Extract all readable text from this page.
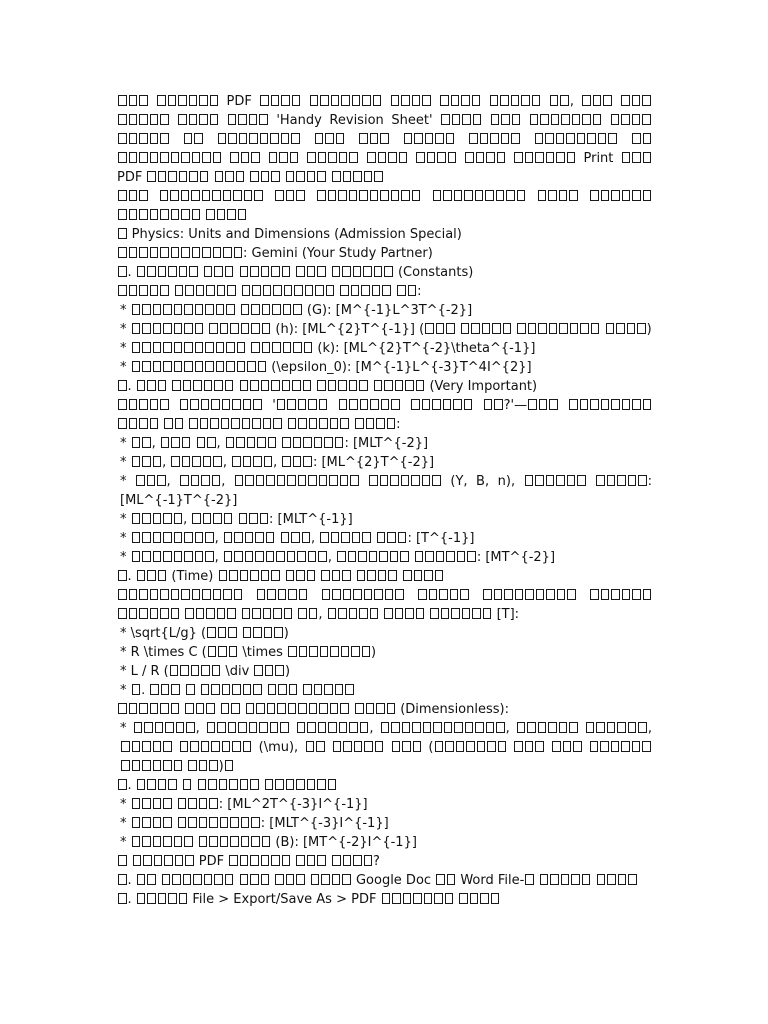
PDF	,      'Handy Revision Sheet'                      Print  PDF

Physics: Units and Dimensions (Admission Special)

: Gemini (Your Study Partner)

.	(Constants)

:

*	(G): [M^{-1}L^3T^{-2}]

*	(h): [ML^{2}T^{-1}] (	)

*	(k): [ML^{2}T^{-2}\theta^{-1}]

*	(\epsilon_0): [M^{-1}L^{-3}T^4I^{2}]

.	(Very Important)

'	?'—      :

* ,	,	: [MLT^{-2}]

* ,	,	, : [ML^{2}T^{-2}]

* ,	,	(Y, B, n),	: [ML^{-1}T^{-2}]

*	,	: [MLT^{-1}]

*	,	,	: [T^{-1}]

*	,	,	: [MT^{-2}]

.  (Time)

,	[T]:

* \sqrt{L/g} (	)

* R \times C ( \times	)

* L / R (	\div )

* .

(Dimensionless):

*	,	,	,	,   (\mu),	(     )

.

*	: [ML^2T^{-3}I^{-1}]

*	: [MLT^{-3}I^{-1}]

*	(B): [MT^{-2}I^{-1}]

PDF	?

.	Google Doc  Word File-

.	File > Export/Save As > PDF
